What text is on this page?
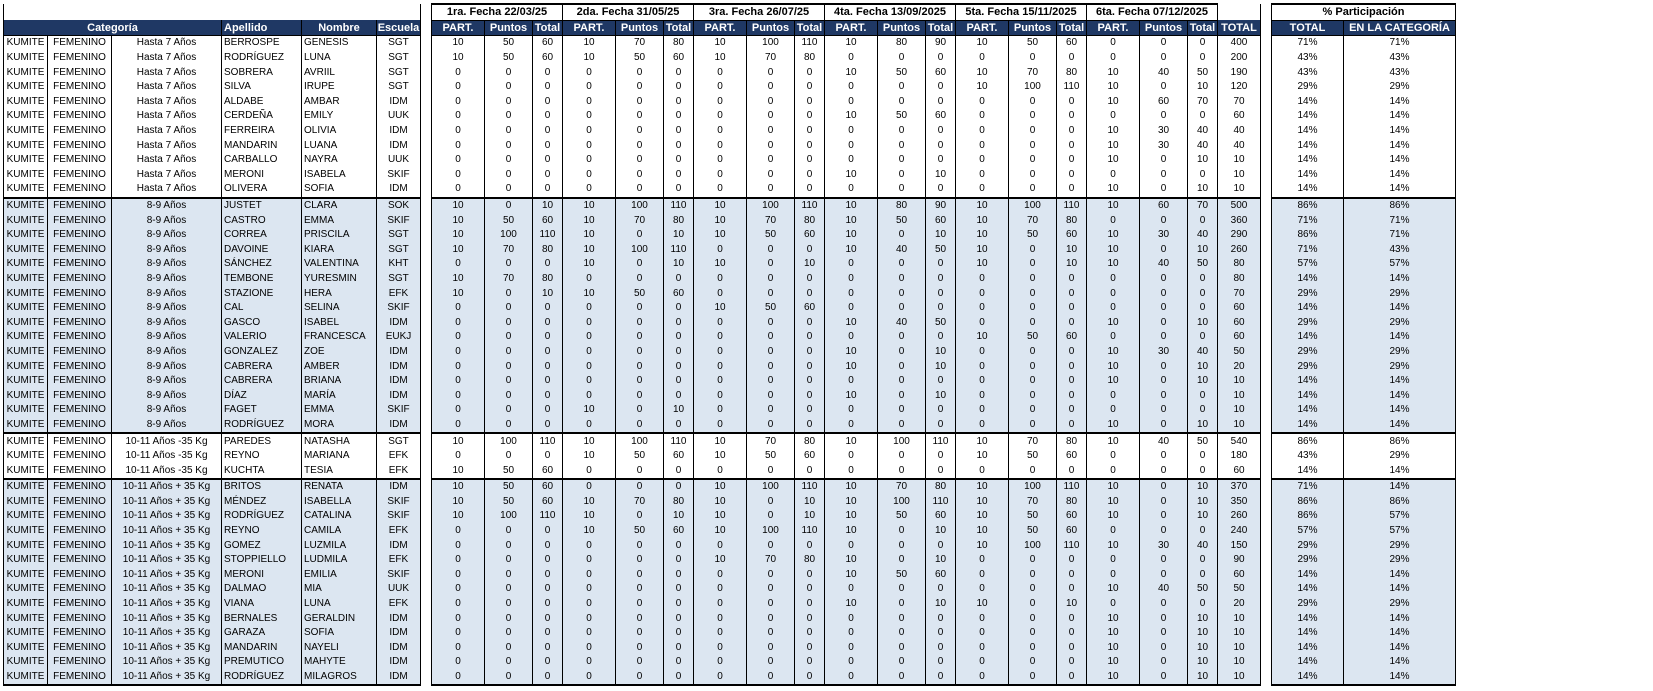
							1ra. Fecha 22/03/25			2da. Fecha 31/05/25			3ra. Fecha 26/07/25			4ta. Fecha 13/09/2025			5ta. Fecha 15/11/2025			6ta. Fecha 07/12/2025					% Participación	
Categoría			Apellido	Nombre	Escuela		PART.	Puntos	Total	PART.	Puntos	Total	PART.	Puntos	Total	PART.	Puntos	Total	PART.	Puntos	Total	PART.	Puntos	Total	TOTAL		TOTAL	EN LA CATEGORÍA
KUMITE	FEMENINO	Hasta 7 Años	BERROSPE	GENESIS	SGT		10	50	60	10	70	80	10	100	110	10	80	90	10	50	60	0	0	0	400		71%	71%
KUMITE	FEMENINO	Hasta 7 Años	RODRÍGUEZ	LUNA	SGT		10	50	60	10	50	60	10	70	80	0	0	0	0	0	0	0	0	0	200		43%	43%
KUMITE	FEMENINO	Hasta 7 Años	SOBRERA	AVRIIL	SGT		0	0	0	0	0	0	0	0	0	10	50	60	10	70	80	10	40	50	190		43%	43%
KUMITE	FEMENINO	Hasta 7 Años	SILVA	IRUPE	SGT		0	0	0	0	0	0	0	0	0	0	0	0	10	100	110	10	0	10	120		29%	29%
KUMITE	FEMENINO	Hasta 7 Años	ALDABE	AMBAR	IDM		0	0	0	0	0	0	0	0	0	0	0	0	0	0	0	10	60	70	70		14%	14%
KUMITE	FEMENINO	Hasta 7 Años	CERDEÑA	EMILY	UUK		0	0	0	0	0	0	0	0	0	10	50	60	0	0	0	0	0	0	60		14%	14%
KUMITE	FEMENINO	Hasta 7 Años	FERREIRA	OLIVIA	IDM		0	0	0	0	0	0	0	0	0	0	0	0	0	0	0	10	30	40	40		14%	14%
KUMITE	FEMENINO	Hasta 7 Años	MANDARIN	LUANA	IDM		0	0	0	0	0	0	0	0	0	0	0	0	0	0	0	10	30	40	40		14%	14%
KUMITE	FEMENINO	Hasta 7 Años	CARBALLO	NAYRA	UUK		0	0	0	0	0	0	0	0	0	0	0	0	0	0	0	10	0	10	10		14%	14%
KUMITE	FEMENINO	Hasta 7 Años	MERONI	ISABELA	SKIF		0	0	0	0	0	0	0	0	0	10	0	10	0	0	0	0	0	0	10		14%	14%
KUMITE	FEMENINO	Hasta 7 Años	OLIVERA	SOFIA	IDM		0	0	0	0	0	0	0	0	0	0	0	0	0	0	0	10	0	10	10		14%	14%
KUMITE	FEMENINO	8-9 Años	JUSTET	CLARA	SOK		10	0	10	10	100	110	10	100	110	10	80	90	10	100	110	10	60	70	500		86%	86%
KUMITE	FEMENINO	8-9 Años	CASTRO	EMMA	SKIF		10	50	60	10	70	80	10	70	80	10	50	60	10	70	80	0	0	0	360		71%	71%
KUMITE	FEMENINO	8-9 Años	CORREA	PRISCILA	SGT		10	100	110	10	0	10	10	50	60	10	0	10	10	50	60	10	30	40	290		86%	71%
KUMITE	FEMENINO	8-9 Años	DAVOINE	KIARA	SGT		10	70	80	10	100	110	0	0	0	10	40	50	10	0	10	10	0	10	260		71%	43%
KUMITE	FEMENINO	8-9 Años	SÁNCHEZ	VALENTINA	KHT		0	0	0	10	0	10	10	0	10	0	0	0	10	0	10	10	40	50	80		57%	57%
KUMITE	FEMENINO	8-9 Años	TEMBONE	YURESMIN	SGT		10	70	80	0	0	0	0	0	0	0	0	0	0	0	0	0	0	0	80		14%	14%
KUMITE	FEMENINO	8-9 Años	STAZIONE	HERA	EFK		10	0	10	10	50	60	0	0	0	0	0	0	0	0	0	0	0	0	70		29%	29%
KUMITE	FEMENINO	8-9 Años	CAL	SELINA	SKIF		0	0	0	0	0	0	10	50	60	0	0	0	0	0	0	0	0	0	60		14%	14%
KUMITE	FEMENINO	8-9 Años	GASCO	ISABEL	IDM		0	0	0	0	0	0	0	0	0	10	40	50	0	0	0	10	0	10	60		29%	29%
KUMITE	FEMENINO	8-9 Años	VALERIO	FRANCESCA	EUKJ		0	0	0	0	0	0	0	0	0	0	0	0	10	50	60	0	0	0	60		14%	14%
KUMITE	FEMENINO	8-9 Años	GONZALEZ	ZOE	IDM		0	0	0	0	0	0	0	0	0	10	0	10	0	0	0	10	30	40	50		29%	29%
KUMITE	FEMENINO	8-9 Años	CABRERA	AMBER	IDM		0	0	0	0	0	0	0	0	0	10	0	10	0	0	0	10	0	10	20		29%	29%
KUMITE	FEMENINO	8-9 Años	CABRERA	BRIANA	IDM		0	0	0	0	0	0	0	0	0	0	0	0	0	0	0	10	0	10	10		14%	14%
KUMITE	FEMENINO	8-9 Años	DÍAZ	MARÍA	IDM		0	0	0	0	0	0	0	0	0	10	0	10	0	0	0	0	0	0	10		14%	14%
KUMITE	FEMENINO	8-9 Años	FAGET	EMMA	SKIF		0	0	0	10	0	10	0	0	0	0	0	0	0	0	0	0	0	0	10		14%	14%
KUMITE	FEMENINO	8-9 Años	RODRÍGUEZ	MORA	IDM		0	0	0	0	0	0	0	0	0	0	0	0	0	0	0	10	0	10	10		14%	14%
KUMITE	FEMENINO	10-11 Años -35 Kg	PAREDES	NATASHA	SGT		10	100	110	10	100	110	10	70	80	10	100	110	10	70	80	10	40	50	540		86%	86%
KUMITE	FEMENINO	10-11 Años -35 Kg	REYNO	MARIANA	EFK		0	0	0	10	50	60	10	50	60	0	0	0	10	50	60	0	0	0	180		43%	29%
KUMITE	FEMENINO	10-11 Años -35 Kg	KUCHTA	TESIA	EFK		10	50	60	0	0	0	0	0	0	0	0	0	0	0	0	0	0	0	60		14%	14%
KUMITE	FEMENINO	10-11 Años + 35 Kg	BRITOS	RENATA	IDM		10	50	60	0	0	0	10	100	110	10	70	80	10	100	110	10	0	10	370		71%	14%
KUMITE	FEMENINO	10-11 Años + 35 Kg	MÉNDEZ	ISABELLA	SKIF		10	50	60	10	70	80	10	0	10	10	100	110	10	70	80	10	0	10	350		86%	86%
KUMITE	FEMENINO	10-11 Años + 35 Kg	RODRÍGUEZ	CATALINA	SKIF		10	100	110	10	0	10	10	0	10	10	50	60	10	50	60	10	0	10	260		86%	57%
KUMITE	FEMENINO	10-11 Años + 35 Kg	REYNO	CAMILA	EFK		0	0	0	10	50	60	10	100	110	10	0	10	10	50	60	0	0	0	240		57%	57%
KUMITE	FEMENINO	10-11 Años + 35 Kg	GOMEZ	LUZMILA	IDM		0	0	0	0	0	0	0	0	0	0	0	0	10	100	110	10	30	40	150		29%	29%
KUMITE	FEMENINO	10-11 Años + 35 Kg	STOPPIELLO	LUDMILA	EFK		0	0	0	0	0	0	10	70	80	10	0	10	0	0	0	0	0	0	90		29%	29%
KUMITE	FEMENINO	10-11 Años + 35 Kg	MERONI	EMILIA	SKIF		0	0	0	0	0	0	0	0	0	10	50	60	0	0	0	0	0	0	60		14%	14%
KUMITE	FEMENINO	10-11 Años + 35 Kg	DALMAO	MIA	UUK		0	0	0	0	0	0	0	0	0	0	0	0	0	0	0	10	40	50	50		14%	14%
KUMITE	FEMENINO	10-11 Años + 35 Kg	VIANA	LUNA	EFK		0	0	0	0	0	0	0	0	0	10	0	10	10	0	10	0	0	0	20		29%	29%
KUMITE	FEMENINO	10-11 Años + 35 Kg	BERNALES	GERALDIN	IDM		0	0	0	0	0	0	0	0	0	0	0	0	0	0	0	10	0	10	10		14%	14%
KUMITE	FEMENINO	10-11 Años + 35 Kg	GARAZA	SOFIA	IDM		0	0	0	0	0	0	0	0	0	0	0	0	0	0	0	10	0	10	10		14%	14%
KUMITE	FEMENINO	10-11 Años + 35 Kg	MANDARIN	NAYELI	IDM		0	0	0	0	0	0	0	0	0	0	0	0	0	0	0	10	0	10	10		14%	14%
KUMITE	FEMENINO	10-11 Años + 35 Kg	PREMUTICO	MAHYTE	IDM		0	0	0	0	0	0	0	0	0	0	0	0	0	0	0	10	0	10	10		14%	14%
KUMITE	FEMENINO	10-11 Años + 35 Kg	RODRÍGUEZ	MILAGROS	IDM		0	0	0	0	0	0	0	0	0	0	0	0	0	0	0	10	0	10	10		14%	14%
